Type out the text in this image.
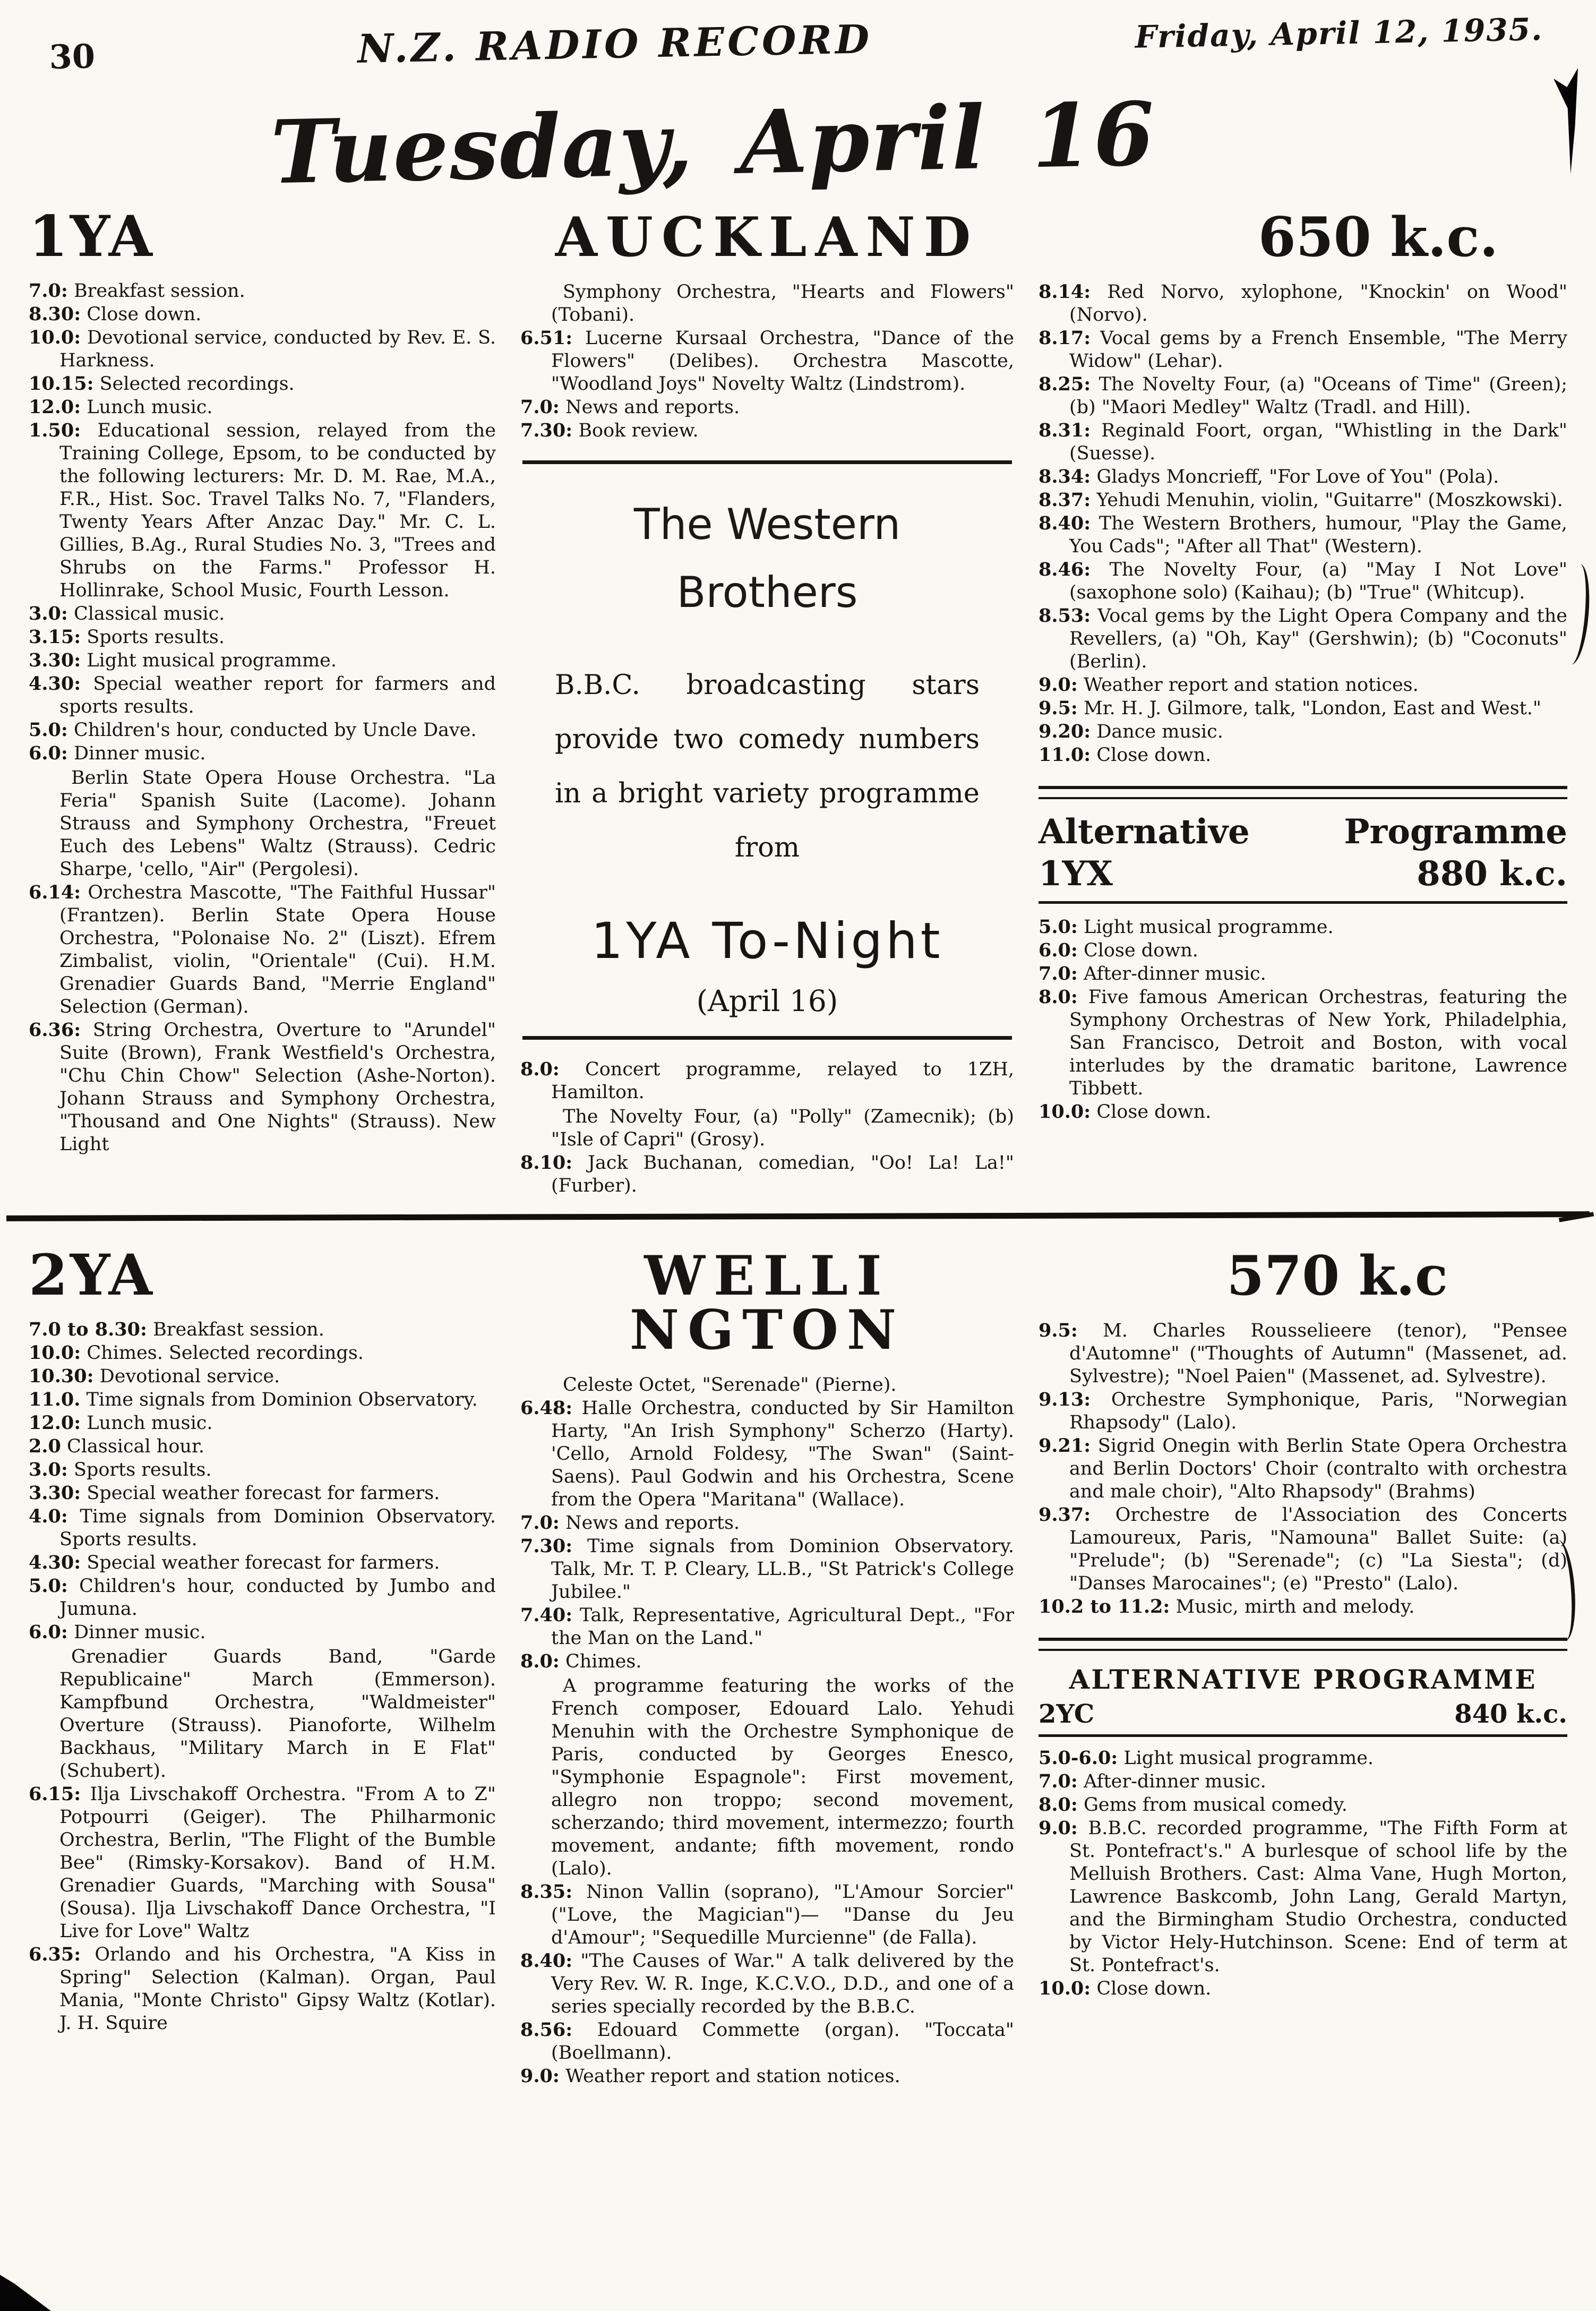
30	N.Z. RADIO RECORD	Friday, April 12, 1935.
Tuesday, April 16
1YA

7.0: Breakfast session.

8.30: Close down.

10.0: Devotional service, conducted by Rev. E. S. Harkness.

10.15: Selected recordings.

12.0: Lunch music.

1.50: Educational session, relayed from the Training College, Epsom, to be conducted by the following lecturers: Mr. D. M. Rae, M.A., F.R., Hist. Soc. Travel Talks No. 7, "Flanders, Twenty Years After Anzac Day." Mr. C. L. Gillies, B.Ag., Rural Studies No. 3, "Trees and Shrubs on the Farms." Professor H. Hollinrake, School Music, Fourth Lesson.

3.0: Classical music.

3.15: Sports results.

3.30: Light musical programme.

4.30: Special weather report for farmers and sports results.

5.0: Children's hour, conducted by Uncle Dave.

6.0: Dinner music.

Berlin State Opera House Orchestra. "La Feria" Spanish Suite (Lacome). Johann Strauss and Symphony Orchestra, "Freuet Euch des Lebens" Waltz (Strauss). Cedric Sharpe, 'cello, "Air" (Pergolesi).

6.14: Orchestra Mascotte, "The Faithful Hussar" (Frantzen). Berlin State Opera House Orchestra, "Polonaise No. 2" (Liszt). Efrem Zimbalist, violin, "Orientale" (Cui). H.M. Grenadier Guards Band, "Merrie England" Selection (German).

6.36: String Orchestra, Overture to "Arundel" Suite (Brown), Frank Westfield's Orchestra, "Chu Chin Chow" Selection (Ashe-Norton). Johann Strauss and Symphony Orchestra, "Thousand and One Nights" (Strauss). New Light

AUCKLAND

Symphony Orchestra, "Hearts and Flowers" (Tobani).

6.51: Lucerne Kursaal Orchestra, "Dance of the Flowers" (Delibes). Orchestra Mascotte, "Woodland Joys" Novelty Waltz (Lindstrom).

7.0: News and reports.

7.30: Book review.

The Western Brothers

B.B.C. broadcasting stars provide two comedy numbers in a bright variety programme from

1YA To-Night
(April 16)

8.0: Concert programme, relayed to 1ZH, Hamilton.

The Novelty Four, (a) "Polly" (Zamecnik); (b) "Isle of Capri" (Grosy).

8.10: Jack Buchanan, comedian, "Oo! La! La!" (Furber).

650 k.c.

8.14: Red Norvo, xylophone, "Knockin' on Wood" (Norvo).

8.17: Vocal gems by a French Ensemble, "The Merry Widow" (Lehar).

8.25: The Novelty Four, (a) "Oceans of Time" (Green); (b) "Maori Medley" Waltz (Tradl. and Hill).

8.31: Reginald Foort, organ, "Whistling in the Dark" (Suesse).

8.34: Gladys Moncrieff, "For Love of You" (Pola).

8.37: Yehudi Menuhin, violin, "Guitarre" (Moszkowski).

8.40: The Western Brothers, humour, "Play the Game, You Cads"; "After all That" (Western).

8.46: The Novelty Four, (a) "May I Not Love" (saxophone solo) (Kaihau); (b) "True" (Whitcup).

8.53: Vocal gems by the Light Opera Company and the Revellers, (a) "Oh, Kay" (Gershwin); (b) "Coconuts" (Berlin).

9.0: Weather report and station notices.

9.5: Mr. H. J. Gilmore, talk, "London, East and West."

9.20: Dance music.

11.0: Close down.

Alternative	Programme
1YX	880 k.c.

5.0: Light musical programme.

6.0: Close down.

7.0: After-dinner music.

8.0: Five famous American Orchestras, featuring the Symphony Orchestras of New York, Philadelphia, San Francisco, Detroit and Boston, with vocal interludes by the dramatic baritone, Lawrence Tibbett.

10.0: Close down.

2YA

7.0 to 8.30: Breakfast session.

10.0: Chimes. Selected recordings.

10.30: Devotional service.

11.0. Time signals from Dominion Observatory.

12.0: Lunch music.

2.0 Classical hour.

3.0: Sports results.

3.30: Special weather forecast for farmers.

4.0: Time signals from Dominion Observatory. Sports results.

4.30: Special weather forecast for farmers.

5.0: Children's hour, conducted by Jumbo and Jumuna.

6.0: Dinner music.

Grenadier Guards Band, "Garde Republicaine" March (Emmerson). Kampfbund Orchestra, "Waldmeister" Overture (Strauss). Pianoforte, Wilhelm Backhaus, "Military March in E Flat" (Schubert).

6.15: Ilja Livschakoff Orchestra. "From A to Z" Potpourri (Geiger). The Philharmonic Orchestra, Berlin, "The Flight of the Bumble Bee" (Rimsky-Korsakov). Band of H.M. Grenadier Guards, "Marching with Sousa" (Sousa). Ilja Livschakoff Dance Orchestra, "I Live for Love" Waltz

6.35: Orlando and his Orchestra, "A Kiss in Spring" Selection (Kalman). Organ, Paul Mania, "Monte Christo" Gipsy Waltz (Kotlar). J. H. Squire

WELLI NGTON

Celeste Octet, "Serenade" (Pierne).

6.48: Halle Orchestra, conducted by Sir Hamilton Harty, "An Irish Symphony" Scherzo (Harty). 'Cello, Arnold Foldesy, "The Swan" (Saint-Saens). Paul Godwin and his Orchestra, Scene from the Opera "Maritana" (Wallace).

7.0: News and reports.

7.30: Time signals from Dominion Observatory. Talk, Mr. T. P. Cleary, LL.B., "St Patrick's College Jubilee."

7.40: Talk, Representative, Agricultural Dept., "For the Man on the Land."

8.0: Chimes.

A programme featuring the works of the French composer, Edouard Lalo. Yehudi Menuhin with the Orchestre Symphonique de Paris, conducted by Georges Enesco, "Symphonie Espagnole": First movement, allegro non troppo; second movement, scherzando; third movement, intermezzo; fourth movement, andante; fifth movement, rondo (Lalo).

8.35: Ninon Vallin (soprano), "L'Amour Sorcier" ("Love, the Magician")— "Danse du Jeu d'Amour"; "Sequedille Murcienne" (de Falla).

8.40: "The Causes of War." A talk delivered by the Very Rev. W. R. Inge, K.C.V.O., D.D., and one of a series specially recorded by the B.B.C.

8.56: Edouard Commette (organ). "Toccata" (Boellmann).

9.0: Weather report and station notices.

570 k.c

9.5: M. Charles Rousselieere (tenor), "Pensee d'Automne" ("Thoughts of Autumn" (Massenet, ad. Sylvestre); "Noel Paien" (Massenet, ad. Sylvestre).

9.13: Orchestre Symphonique, Paris, "Norwegian Rhapsody" (Lalo).

9.21: Sigrid Onegin with Berlin State Opera Orchestra and Berlin Doctors' Choir (contralto with orchestra and male choir), "Alto Rhapsody" (Brahms)

9.37: Orchestre de l'Association des Concerts Lamoureux, Paris, "Namouna" Ballet Suite: (a) "Prelude"; (b) "Serenade"; (c) "La Siesta"; (d) "Danses Marocaines"; (e) "Presto" (Lalo).

10.2 to 11.2: Music, mirth and melody.

ALTERNATIVE PROGRAMME
2YC	840 k.c.

5.0-6.0: Light musical programme.

7.0: After-dinner music.

8.0: Gems from musical comedy.

9.0: B.B.C. recorded programme, "The Fifth Form at St. Pontefract's." A burlesque of school life by the Melluish Brothers. Cast: Alma Vane, Hugh Morton, Lawrence Baskcomb, John Lang, Gerald Martyn, and the Birmingham Studio Orchestra, conducted by Victor Hely-Hutchinson. Scene: End of term at St. Pontefract's.

10.0: Close down.
